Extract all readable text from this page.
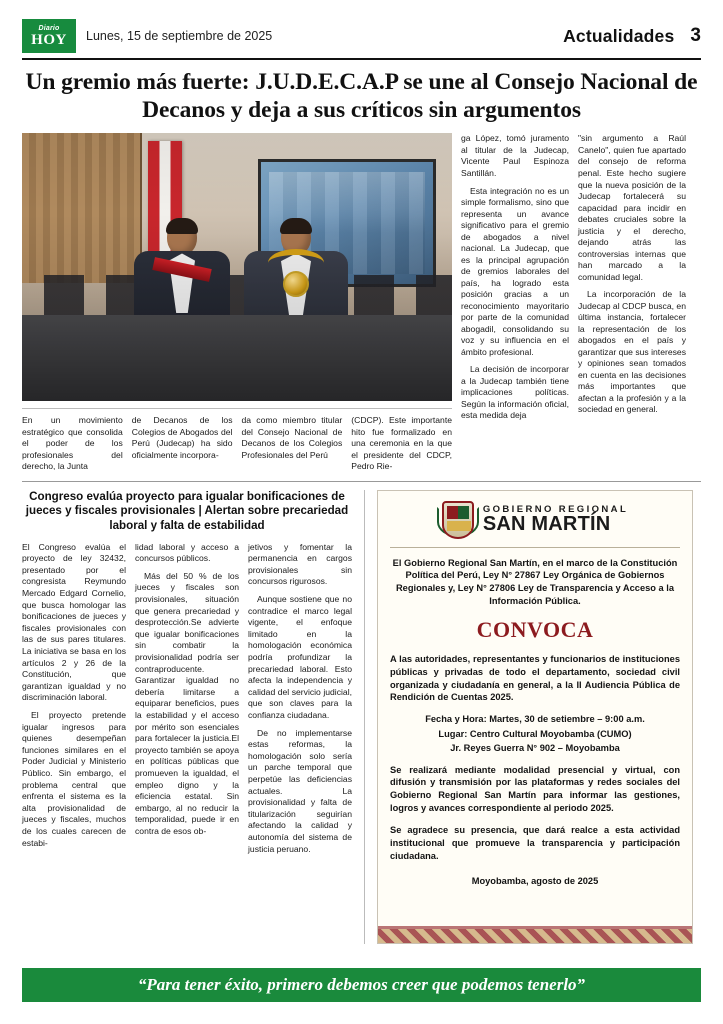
Diario
HOY Lunes, 15 de septiembre de 2025	Actualidades 3
Un gremio más fuerte: J.U.D.E.C.A.P se une al Consejo Nacional de Decanos y deja a sus críticos sin argumentos
En un movimiento estratégico que consolida el poder de los profesionales del derecho, la Junta
de Decanos de los Colegios de Abogados del Perú (Judecap) ha sido oficialmente incorpora-
da como miembro titular del Consejo Nacional de Decanos de los Colegios Profesionales del Perú
(CDCP). Este importante hito fue formalizado en una ceremonia en la que el presidente del CDCP, Pedro Rie-

ga López, tomó juramento al titular de la Judecap, Vicente Paul Espinoza Santillán.

Esta integración no es un simple formalismo, sino que representa un avance significativo para el gremio de abogados a nivel nacional. La Judecap, que es la principal agrupación de gremios laborales del país, ha logrado esta posición gracias a un reconocimiento mayoritario por parte de la comunidad abogadil, consolidando su voz y su influencia en el ámbito profesional.

La decisión de incorporar a la Judecap también tiene implicaciones políticas. Según la información oficial, esta medida deja

"sin argumento a Raúl Canelo", quien fue apartado del consejo de reforma penal. Este hecho sugiere que la nueva posición de la Judecap fortalecerá su capacidad para incidir en debates cruciales sobre la justicia y el derecho, dejando atrás las controversias internas que han marcado a la comunidad legal.

La incorporación de la Judecap al CDCP busca, en última instancia, fortalecer la representación de los abogados en el país y garantizar que sus intereses y opiniones sean tomados en cuenta en las decisiones más importantes que afectan a la profesión y a la sociedad en general.

Congreso evalúa proyecto para igualar bonificaciones de jueces y fiscales provisionales | Alertan sobre precariedad laboral y falta de estabilidad

El Congreso evalúa el proyecto de ley 32432, presentado por el congresista Reymundo Mercado Edgard Cornelio, que busca homologar las bonificaciones de jueces y fiscales provisionales con las de sus pares titulares. La iniciativa se basa en los artículos 2 y 26 de la Constitución, que garantizan igualdad y no discriminación laboral.

El proyecto pretende igualar ingresos para quienes desempeñan funciones similares en el Poder Judicial y Ministerio Público. Sin embargo, el problema central que enfrenta el sistema es la alta provisionalidad de jueces y fiscales, muchos de los cuales carecen de estabi-

lidad laboral y acceso a concursos públicos.

Más del 50 % de los jueces y fiscales son provisionales, situación que genera precariedad y desprotección.Se advierte que igualar bonificaciones sin combatir la provisionalidad podría ser contraproducente. Garantizar igualdad no debería limitarse a equiparar beneficios, pues la estabilidad y el acceso por mérito son esenciales para fortalecer la justicia.El proyecto también se apoya en políticas públicas que promueven la igualdad, el empleo digno y la eficiencia estatal. Sin embargo, al no reducir la temporalidad, puede ir en contra de esos ob-

jetivos y fomentar la permanencia en cargos provisionales sin concursos rigurosos.

Aunque sostiene que no contradice el marco legal vigente, el enfoque limitado en la homologación económica podría profundizar la precariedad laboral. Esto afecta la independencia y calidad del servicio judicial, que son claves para la confianza ciudadana.

De no implementarse estas reformas, la homologación solo sería un parche temporal que perpetúe las deficiencias actuales. La provisionalidad y falta de titularización seguirían afectando la calidad y autonomía del sistema de justicia peruano.

GOBIERNO REGIONAL
SAN MARTÍN

El Gobierno Regional San Martín, en el marco de la Constitución Política del Perú, Ley N° 27867 Ley Orgánica de Gobiernos Regionales y, Ley N° 27806 Ley de Transparencia y Acceso a la Información Pública.

CONVOCA

A las autoridades, representantes y funcionarios de instituciones públicas y privadas de todo el departamento, sociedad civil organizada y ciudadanía en general, a la II Audiencia Pública de Rendición de Cuentas 2025.

Fecha y Hora: Martes, 30 de setiembre – 9:00 a.m.

Lugar: Centro Cultural Moyobamba (CUMO)

Jr. Reyes Guerra N° 902 – Moyobamba

Se realizará mediante modalidad presencial y virtual, con difusión y transmisión por las plataformas y redes sociales del Gobierno Regional San Martín para informar las gestiones, logros y avances correspondiente al periodo 2025.

Se agradece su presencia, que dará realce a esta actividad institucional que promueve la transparencia y participación ciudadana.

Moyobamba, agosto de 2025
“Para tener éxito, primero debemos creer que podemos tenerlo”
